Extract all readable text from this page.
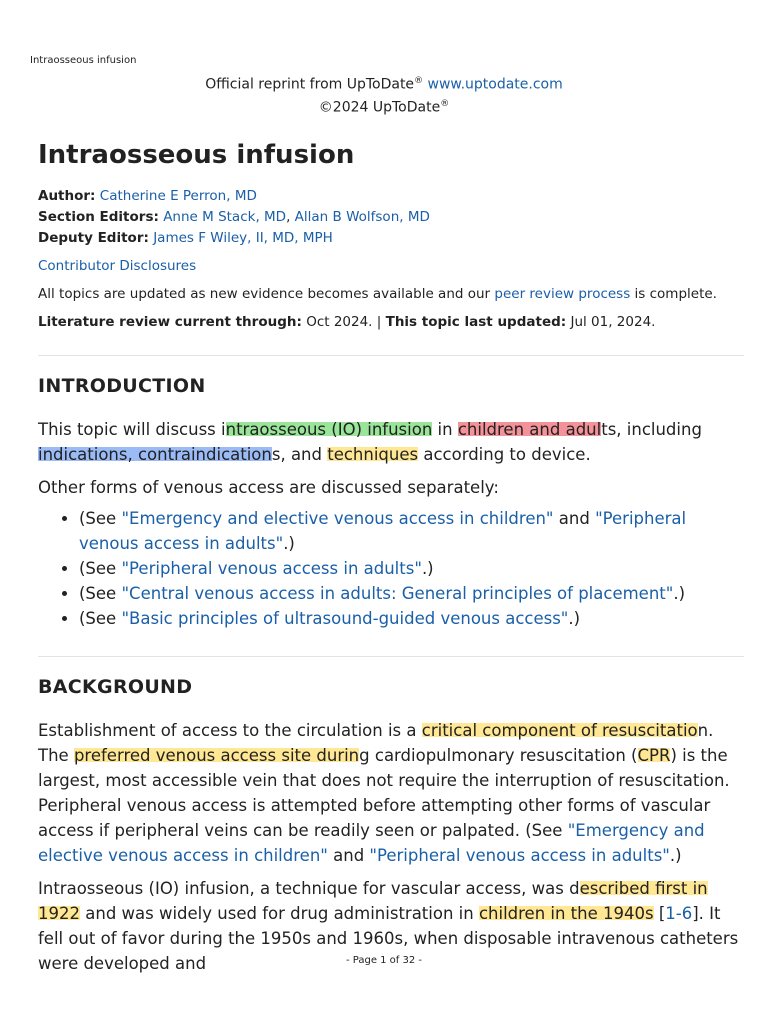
Intraosseous infusion
Official reprint from UpToDate® www.uptodate.com
©2024 UpToDate®
Intraosseous infusion
Author: Catherine E Perron, MD
Section Editors: Anne M Stack, MD, Allan B Wolfson, MD
Deputy Editor: James F Wiley, II, MD, MPH
Contributor Disclosures
All topics are updated as new evidence becomes available and our peer review process is complete.
Literature review current through: Oct 2024. | This topic last updated: Jul 01, 2024.
INTRODUCTION

This topic will discuss intraosseous (IO) infusion in children and adults, including indications, contraindications, and techniques according to device.

Other forms of venous access are discussed separately:

• (See "Emergency and elective venous access in children" and "Peripheral venous access in adults".)
• (See "Peripheral venous access in adults".)
• (See "Central venous access in adults: General principles of placement".)
• (See "Basic principles of ultrasound-guided venous access".)
BACKGROUND

Establishment of access to the circulation is a critical component of resuscitation. The preferred venous access site during cardiopulmonary resuscitation (CPR) is the largest, most accessible vein that does not require the interruption of resuscitation. Peripheral venous access is attempted before attempting other forms of vascular access if peripheral veins can be readily seen or palpated. (See "Emergency and elective venous access in children" and "Peripheral venous access in adults".)

Intraosseous (IO) infusion, a technique for vascular access, was described first in 1922 and was widely used for drug administration in children in the 1940s [1-6]. It fell out of favor during the 1950s and 1960s, when disposable intravenous catheters were developed and	- Page 1 of 32 -
